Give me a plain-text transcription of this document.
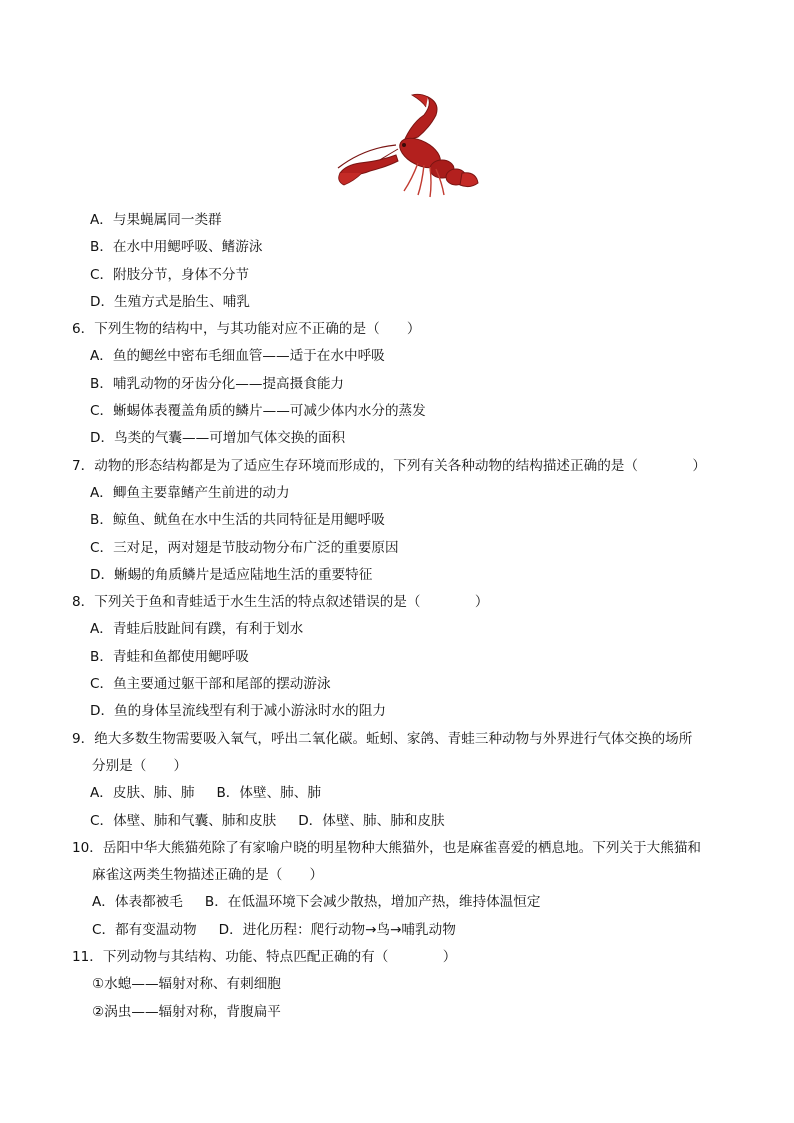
A．与果蝇属同一类群
B．在水中用鳃呼吸、鳍游泳
C．附肢分节，身体不分节
D．生殖方式是胎生、哺乳
6．下列生物的结构中，与其功能对应不正确的是（　　）
A．鱼的鳃丝中密布毛细血管——适于在水中呼吸
B．哺乳动物的牙齿分化——提高摄食能力
C．蜥蜴体表覆盖角质的鳞片——可减少体内水分的蒸发
D．鸟类的气囊——可增加气体交换的面积
7．动物的形态结构都是为了适应生存环境而形成的，下列有关各种动物的结构描述正确的是（　　　　）
A．鲫鱼主要靠鳍产生前进的动力
B．鲸鱼、鱿鱼在水中生活的共同特征是用鳃呼吸
C．三对足，两对翅是节肢动物分布广泛的重要原因
D．蜥蜴的角质鳞片是适应陆地生活的重要特征
8．下列关于鱼和青蛙适于水生生活的特点叙述错误的是（　　　　）
A．青蛙后肢趾间有蹼，有利于划水
B．青蛙和鱼都使用鳃呼吸
C．鱼主要通过躯干部和尾部的摆动游泳
D．鱼的身体呈流线型有利于减小游泳时水的阻力
9．绝大多数生物需要吸入氧气，呼出二氧化碳。蚯蚓、家鸽、青蛙三种动物与外界进行气体交换的场所
分别是（　　）
A．皮肤、肺、肺 B．体壁、肺、肺
C．体壁、肺和气囊、肺和皮肤 D．体壁、肺、肺和皮肤
10．岳阳中华大熊猫苑除了有家喻户晓的明星物种大熊猫外，也是麻雀喜爱的栖息地。下列关于大熊猫和
麻雀这两类生物描述正确的是（　　）
A．体表都被毛 B．在低温环境下会减少散热，增加产热，维持体温恒定
C．都有变温动物 D．进化历程：爬行动物→鸟→哺乳动物
11．下列动物与其结构、功能、特点匹配正确的有（　　　　）
①水螅——辐射对称、有刺细胞
②涡虫——辐射对称，背腹扁平
